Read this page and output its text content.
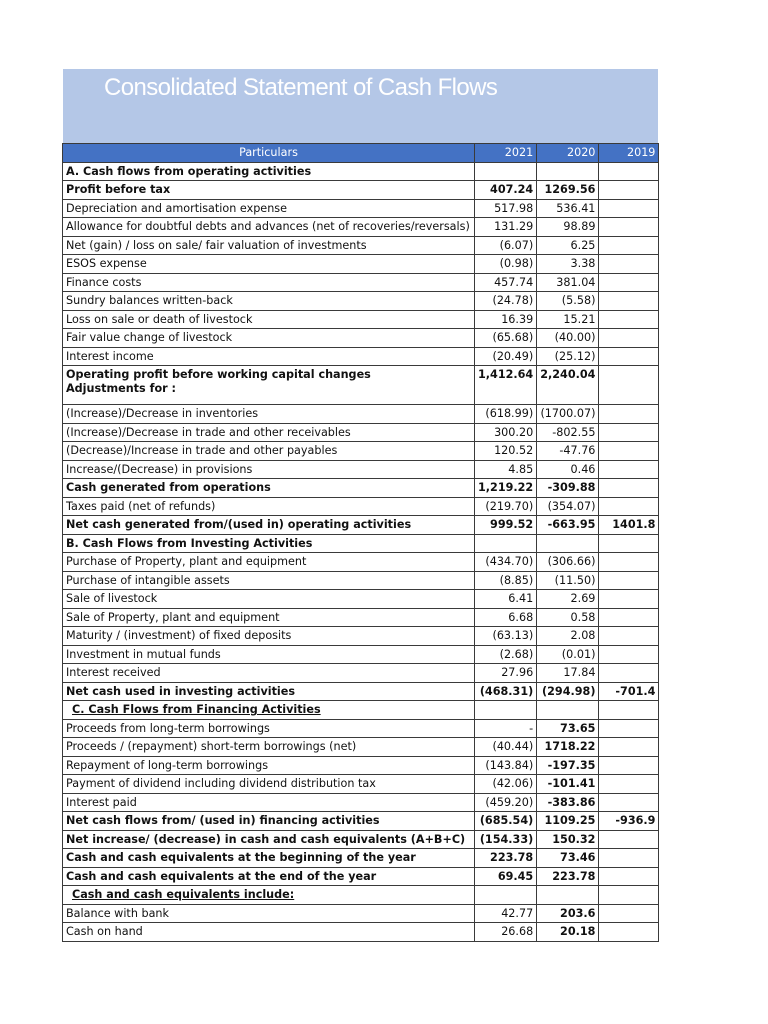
Consolidated Statement of Cash Flows
Particulars	2021	2020	2019
A. Cash flows from operating activities			
Profit before tax	407.24	1269.56	
Depreciation and amortisation expense	517.98	536.41	
Allowance for doubtful debts and advances (net of recoveries/reversals)	131.29	98.89	
Net (gain) / loss on sale/ fair valuation of investments	(6.07)	6.25	
ESOS expense	(0.98)	3.38	
Finance costs	457.74	381.04	
Sundry balances written-back	(24.78)	(5.58)	
Loss on sale or death of livestock	16.39	15.21	
Fair value change of livestock	(65.68)	(40.00)	
Interest income	(20.49)	(25.12)	
Operating profit before working capital changes
Adjustments for :	1,412.64	2,240.04	
(Increase)/Decrease in inventories	(618.99)	(1700.07)	
(Increase)/Decrease in trade and other receivables	300.20	-802.55	
(Decrease)/Increase in trade and other payables	120.52	-47.76	
Increase/(Decrease) in provisions	4.85	0.46	
Cash generated from operations	1,219.22	-309.88	
Taxes paid (net of refunds)	(219.70)	(354.07)	
Net cash generated from/(used in) operating activities	999.52	-663.95	1401.8
B. Cash Flows from Investing Activities			
Purchase of Property, plant and equipment	(434.70)	(306.66)	
Purchase of intangible assets	(8.85)	(11.50)	
Sale of livestock	6.41	2.69	
Sale of Property, plant and equipment	6.68	0.58	
Maturity / (investment) of fixed deposits	(63.13)	2.08	
Investment in mutual funds	(2.68)	(0.01)	
Interest received	27.96	17.84	
Net cash used in investing activities	(468.31)	(294.98)	-701.4
C. Cash Flows from Financing Activities			
Proceeds from long-term borrowings	-	73.65	
Proceeds / (repayment) short-term borrowings (net)	(40.44)	1718.22	
Repayment of long-term borrowings	(143.84)	-197.35	
Payment of dividend including dividend distribution tax	(42.06)	-101.41	
Interest paid	(459.20)	-383.86	
Net cash flows from/ (used in) financing activities	(685.54)	1109.25	-936.9
Net increase/ (decrease) in cash and cash equivalents (A+B+C)	(154.33)	150.32	
Cash and cash equivalents at the beginning of the year	223.78	73.46	
Cash and cash equivalents at the end of the year	69.45	223.78	
Cash and cash equivalents include:			
Balance with bank	42.77	203.6	
Cash on hand	26.68	20.18	
